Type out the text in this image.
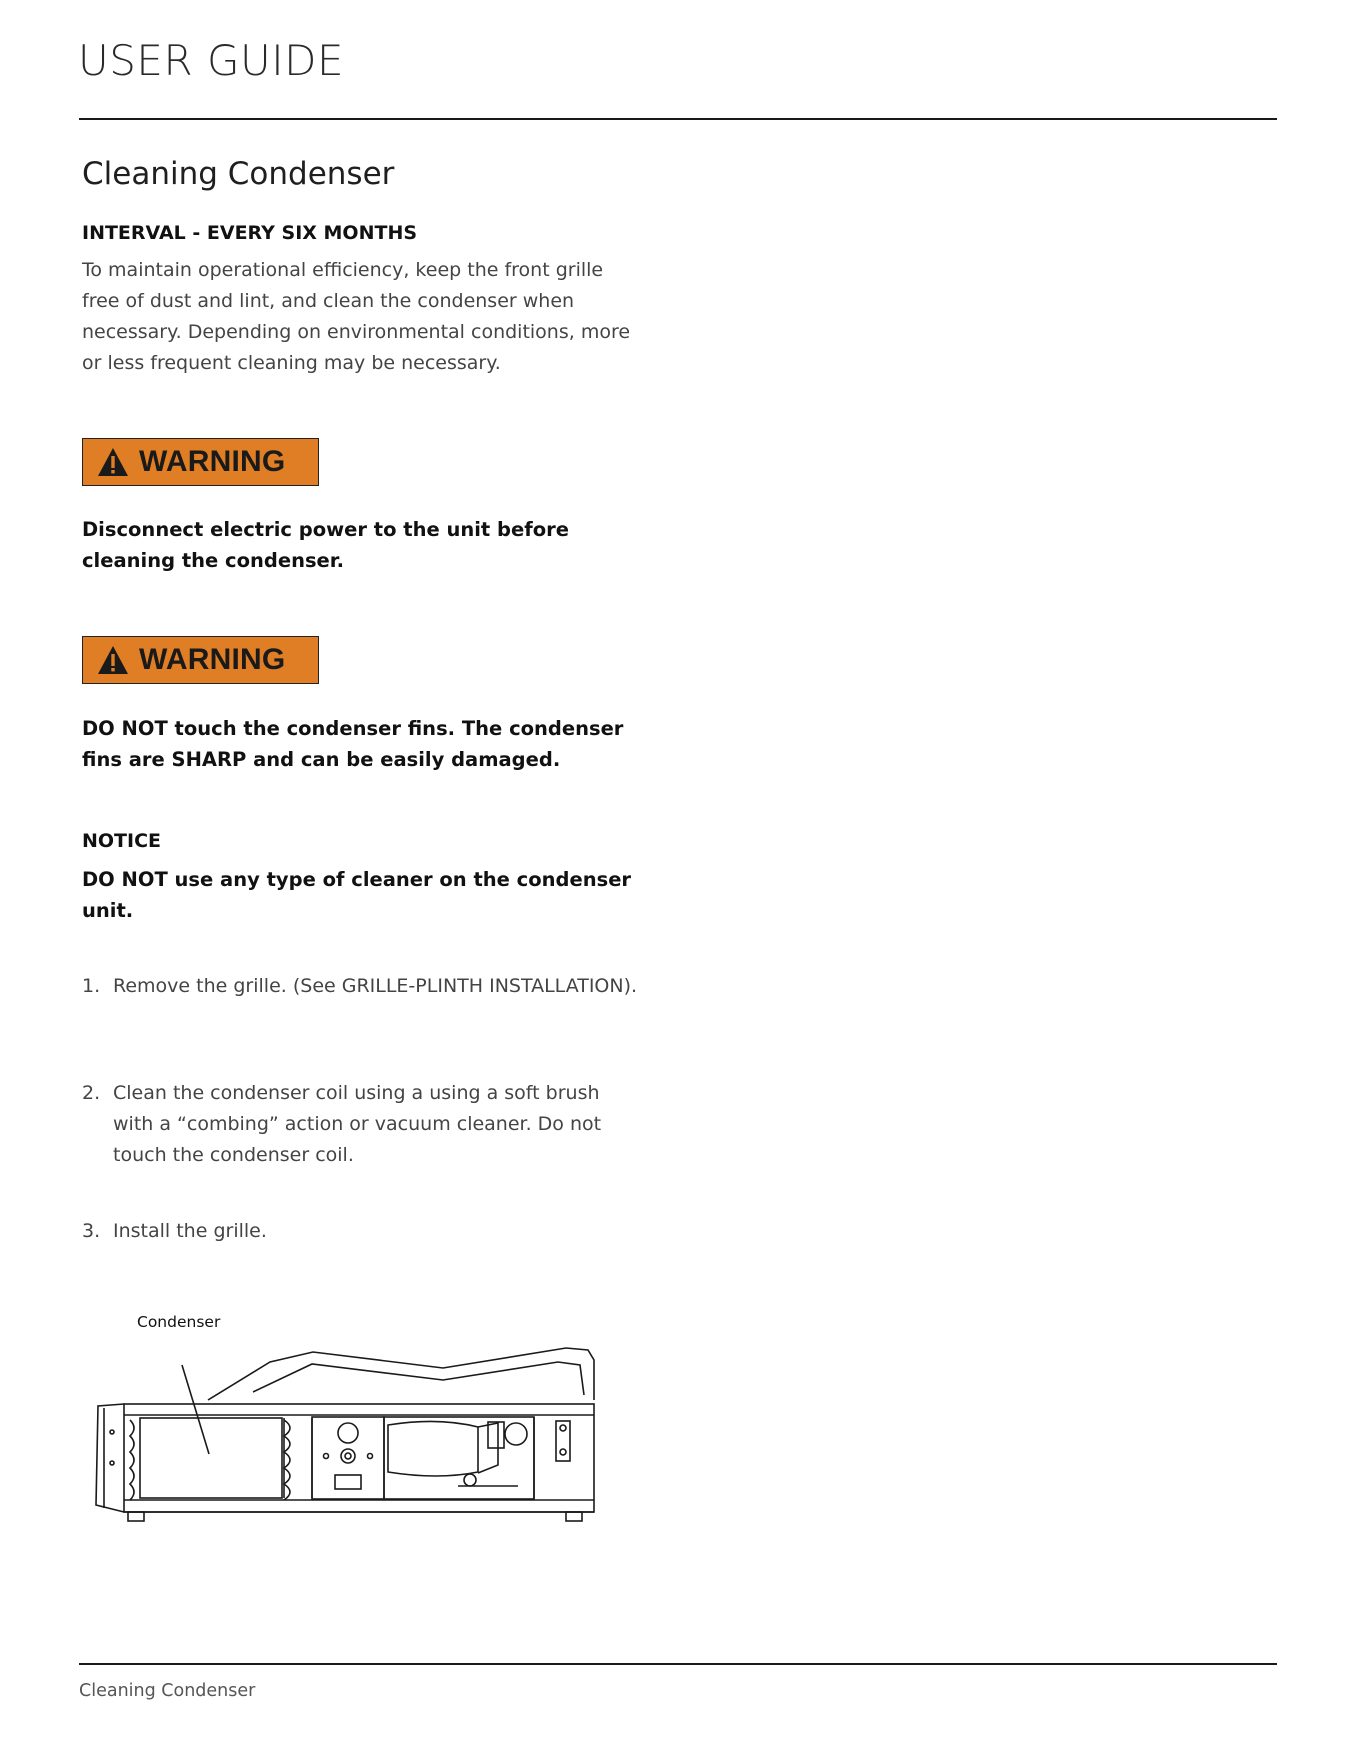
USER GUIDE
Cleaning Condenser
INTERVAL - EVERY SIX MONTHS
To maintain operational efficiency, keep the front grille free of dust and lint, and clean the condenser when necessary. Depending on environmental conditions, more or less frequent cleaning may be necessary.
WARNING
Disconnect electric power to the unit before cleaning the condenser.
WARNING
DO NOT touch the condenser fins. The condenser fins are SHARP and can be easily damaged.
NOTICE
DO NOT use any type of cleaner on the condenser unit.
1. Remove the grille. (See GRILLE-PLINTH INSTALLATION).
2. Clean the condenser coil using a using a soft brush with a “combing” action or vacuum cleaner. Do not touch the condenser coil.
3. Install the grille.
Condenser
Cleaning Condenser
